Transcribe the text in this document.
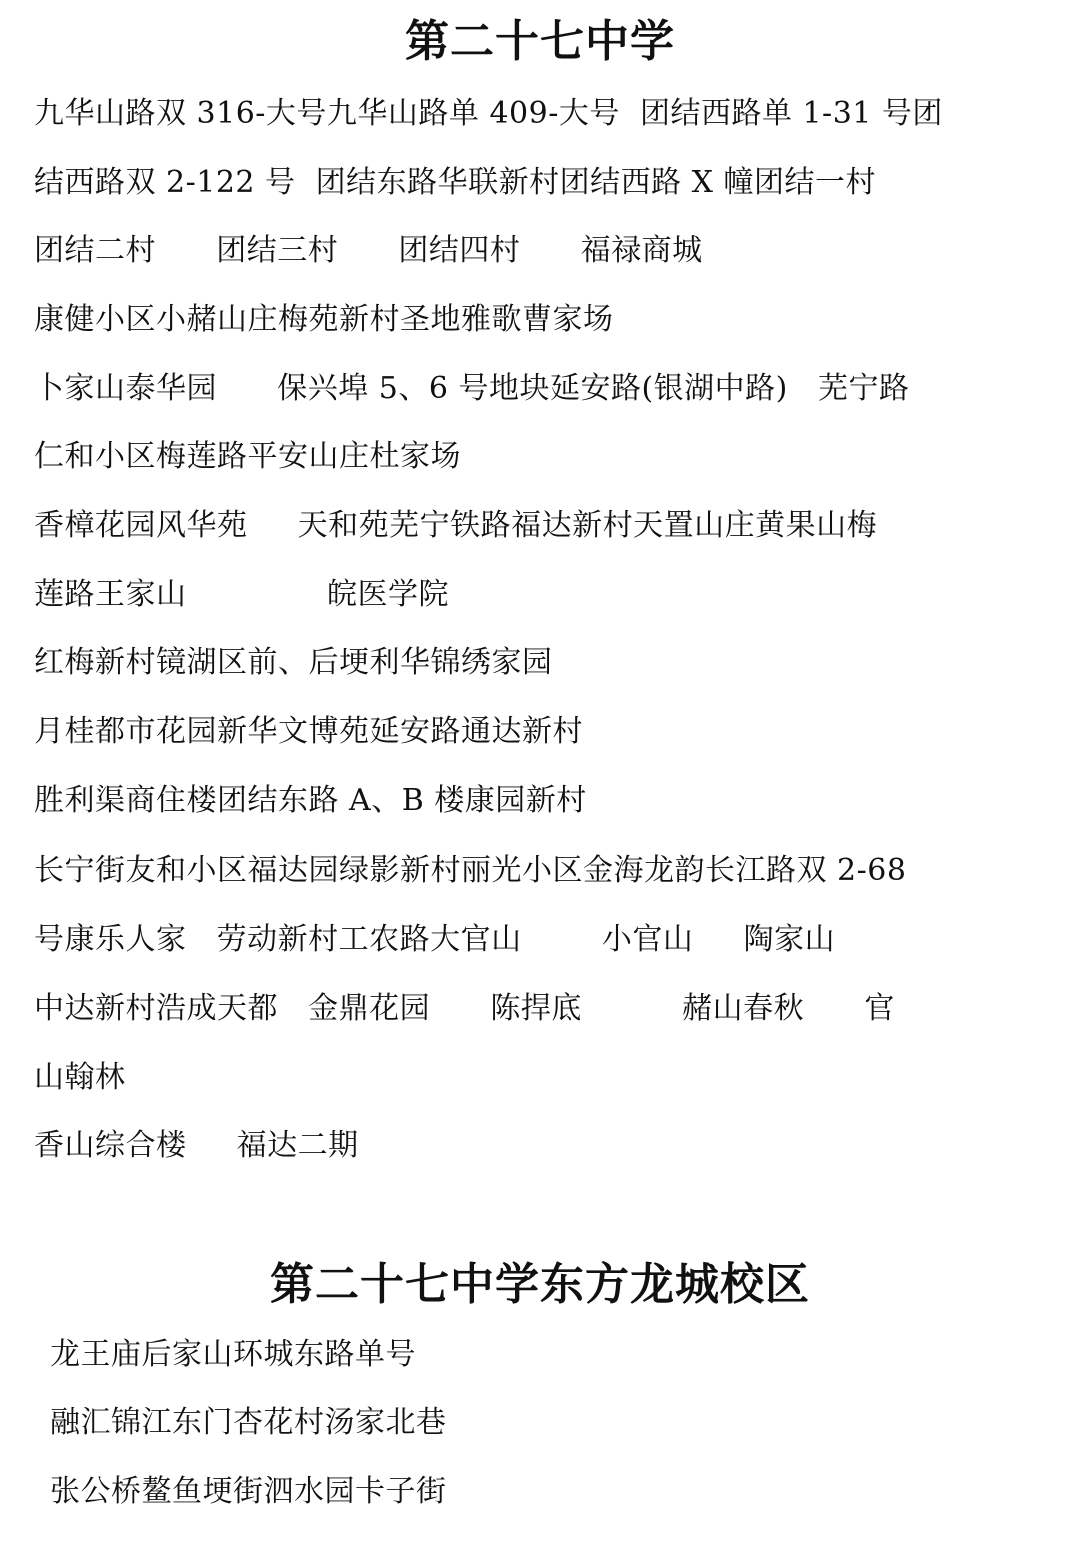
第二十七中学
九华山路双 316-大号九华山路单 409-大号  团结西路单 1-31 号团
结西路双 2-122 号  团结东路华联新村团结西路 X 幢团结一村
团结二村      团结三村      团结四村      福禄商城
康健小区小赭山庄梅苑新村圣地雅歌曹家场
卜家山泰华园      保兴埠 5、6 号地块延安路(银湖中路)   芜宁路
仁和小区梅莲路平安山庄杜家场
香樟花园风华苑     天和苑芜宁铁路福达新村天置山庄黄果山梅
莲路王家山              皖医学院
红梅新村镜湖区前、后埂利华锦绣家园
月桂都市花园新华文博苑延安路通达新村
胜利渠商住楼团结东路 A、B 楼康园新村
长宁街友和小区福达园绿影新村丽光小区金海龙韵长江路双 2-68
号康乐人家   劳动新村工农路大官山        小官山     陶家山
中达新村浩成天都   金鼎花园      陈捍底          赭山春秋      官
山翰林
香山综合楼     福达二期
第二十七中学东方龙城校区
龙王庙后家山环城东路单号
融汇锦江东门杏花村汤家北巷
张公桥鳌鱼埂街泗水园卡子街
